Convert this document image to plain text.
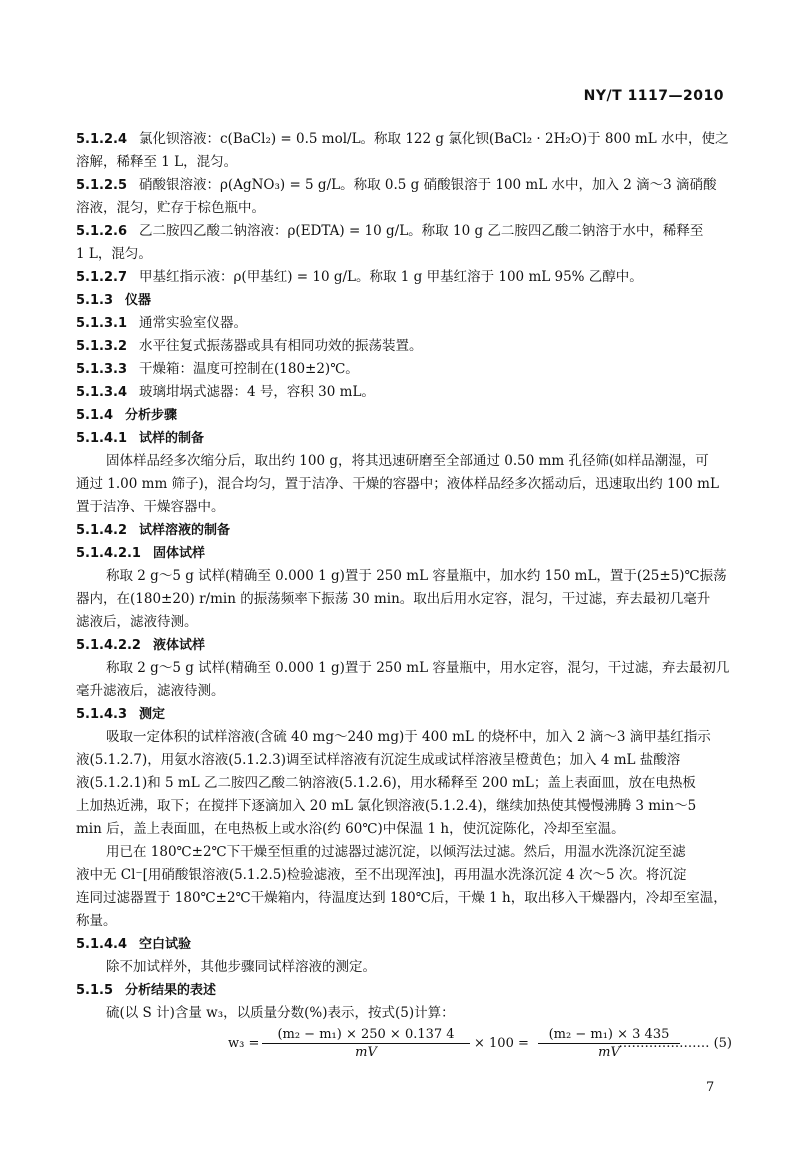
NY/T 1117—2010
5.1.2.4 氯化钡溶液：c(BaCl₂) = 0.5 mol/L。称取 122 g 氯化钡(BaCl₂ · 2H₂O)于 800 mL 水中，使之
溶解，稀释至 1 L，混匀。
5.1.2.5 硝酸银溶液：ρ(AgNO₃) = 5 g/L。称取 0.5 g 硝酸银溶于 100 mL 水中，加入 2 滴～3 滴硝酸
溶液，混匀，贮存于棕色瓶中。
5.1.2.6 乙二胺四乙酸二钠溶液：ρ(EDTA) = 10 g/L。称取 10 g 乙二胺四乙酸二钠溶于水中，稀释至
1 L，混匀。
5.1.2.7 甲基红指示液：ρ(甲基红) = 10 g/L。称取 1 g 甲基红溶于 100 mL 95% 乙醇中。
5.1.3 仪器
5.1.3.1 通常实验室仪器。
5.1.3.2 水平往复式振荡器或具有相同功效的振荡装置。
5.1.3.3 干燥箱：温度可控制在(180±2)℃。
5.1.3.4 玻璃坩埚式滤器：4 号，容积 30 mL。
5.1.4 分析步骤
5.1.4.1 试样的制备
固体样品经多次缩分后，取出约 100 g，将其迅速研磨至全部通过 0.50 mm 孔径筛(如样品潮湿，可
通过 1.00 mm 筛子)，混合均匀，置于洁净、干燥的容器中；液体样品经多次摇动后，迅速取出约 100 mL
置于洁净、干燥容器中。
5.1.4.2 试样溶液的制备
5.1.4.2.1 固体试样
称取 2 g～5 g 试样(精确至 0.000 1 g)置于 250 mL 容量瓶中，加水约 150 mL，置于(25±5)℃振荡
器内，在(180±20) r/min 的振荡频率下振荡 30 min。取出后用水定容，混匀，干过滤，弃去最初几毫升
滤液后，滤液待测。
5.1.4.2.2 液体试样
称取 2 g～5 g 试样(精确至 0.000 1 g)置于 250 mL 容量瓶中，用水定容，混匀，干过滤，弃去最初几
毫升滤液后，滤液待测。
5.1.4.3 测定
吸取一定体积的试样溶液(含硫 40 mg～240 mg)于 400 mL 的烧杯中，加入 2 滴～3 滴甲基红指示
液(5.1.2.7)，用氨水溶液(5.1.2.3)调至试样溶液有沉淀生成或试样溶液呈橙黄色；加入 4 mL 盐酸溶
液(5.1.2.1)和 5 mL 乙二胺四乙酸二钠溶液(5.1.2.6)，用水稀释至 200 mL；盖上表面皿，放在电热板
上加热近沸，取下；在搅拌下逐滴加入 20 mL 氯化钡溶液(5.1.2.4)，继续加热使其慢慢沸腾 3 min～5
min 后，盖上表面皿，在电热板上或水浴(约 60℃)中保温 1 h，使沉淀陈化，冷却至室温。
用已在 180℃±2℃下干燥至恒重的过滤器过滤沉淀，以倾泻法过滤。然后，用温水洗涤沉淀至滤
液中无 Cl⁻[用硝酸银溶液(5.1.2.5)检验滤液，至不出现浑浊]，再用温水洗涤沉淀 4 次～5 次。将沉淀
连同过滤器置于 180℃±2℃干燥箱内，待温度达到 180℃后，干燥 1 h，取出移入干燥器内，冷却至室温，
称量。
5.1.4.4 空白试验
除不加试样外，其他步骤同试样溶液的测定。
5.1.5 分析结果的表述
硫(以 S 计)含量 w₃，以质量分数(%)表示，按式(5)计算：
$w_3 = \frac{\text{(m₂ − m₁) × 250 × 0.137 4}}{mV} \times 100 = \frac{\text{(m₂ − m₁) × 3 435}}{mV}$
………………… (5)
7
